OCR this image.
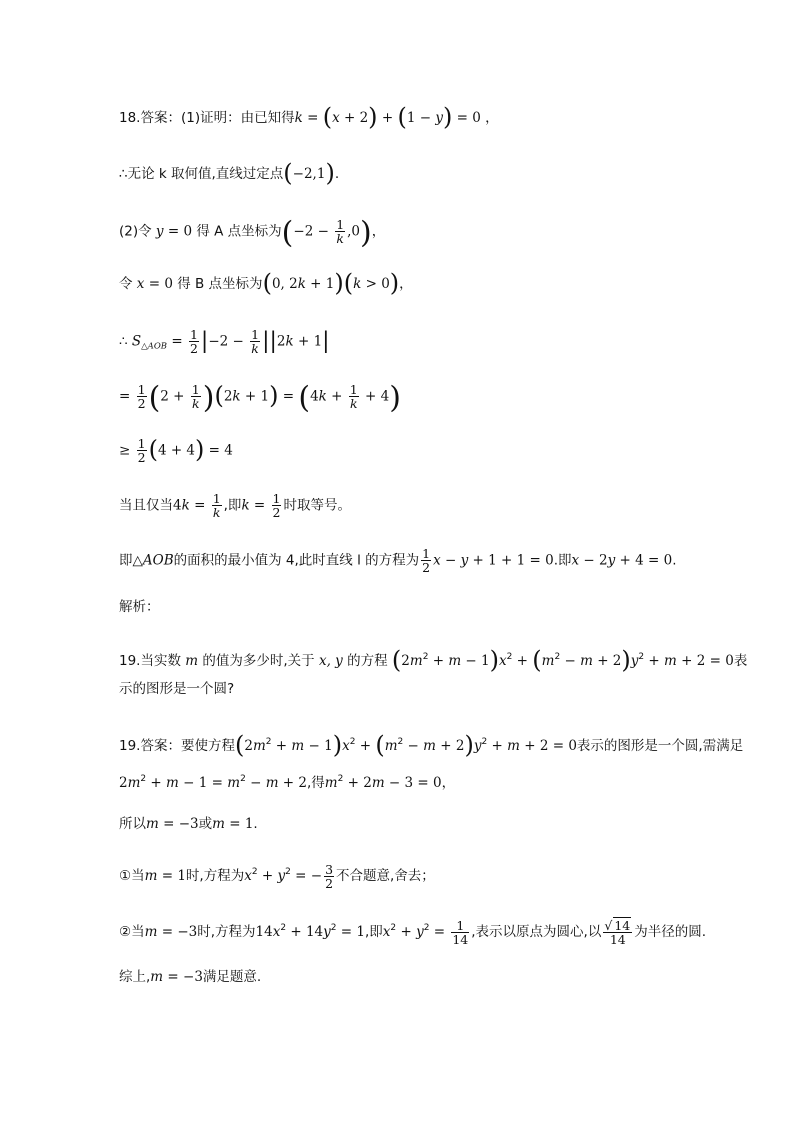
18.答案：(1)证明：由已知得k = (x + 2) + (1 − y) = 0 ，
∴无论 k 取何值,直线过定点(−2,1).
(2)令 y = 0 得 A 点坐标为$(-2 - \frac{1}{k} ,0)$，
令 x = 0 得 B 点坐标为(0, 2k + 1)(k > 0)，
∴ $S_{\triangle AOB} = \frac{1}{2} |-2 - \frac{1}{k} ||2k + 1|$
= $\frac{1}{2} (2 + \frac{1}{k} )(2k + 1) = (4k + \frac{1}{k} + 4)$
≥ $\frac{1}{2} (4 + 4) = 4$
当且仅当$4k = \frac{1}{k}$ ,即$k = \frac{1}{2}$ 时取等号。
即△AOB的面积的最小值为 4,此时直线 l 的方程为 $\frac{1}{2}$ x − y + 1 + 1 = 0.即x − 2y + 4 = 0.
解析：
19.当实数 m 的值为多少时,关于 x, y 的方程 $(2m^2 + m - 1)x^2 + (m^2 - m + 2)y^2 + m + 2 = 0$表
示的图形是一个圆?
19.答案：要使方程$(2m^2 + m - 1)x^2 + (m^2 - m + 2)y^2 + m + 2 = 0$表示的图形是一个圆,需满足
$2m^2 + m - 1 = m^2 - m + 2$,得$m^2 + 2m - 3 = 0$，
所以m = −3或m = 1.
①当m = 1时,方程为$x^2 + y^2$ = − $\frac{3}{2}$ 不合题意,舍去；
②当m = −3时,方程为$14x^2 + 14y^2 = 1$,即$x^2 + y^2 = \frac{1}{14}$ ,表示以原点为圆心,以 $\frac{√ 14}{14}$ 为半径的圆.
综上,m = −3满足题意.
